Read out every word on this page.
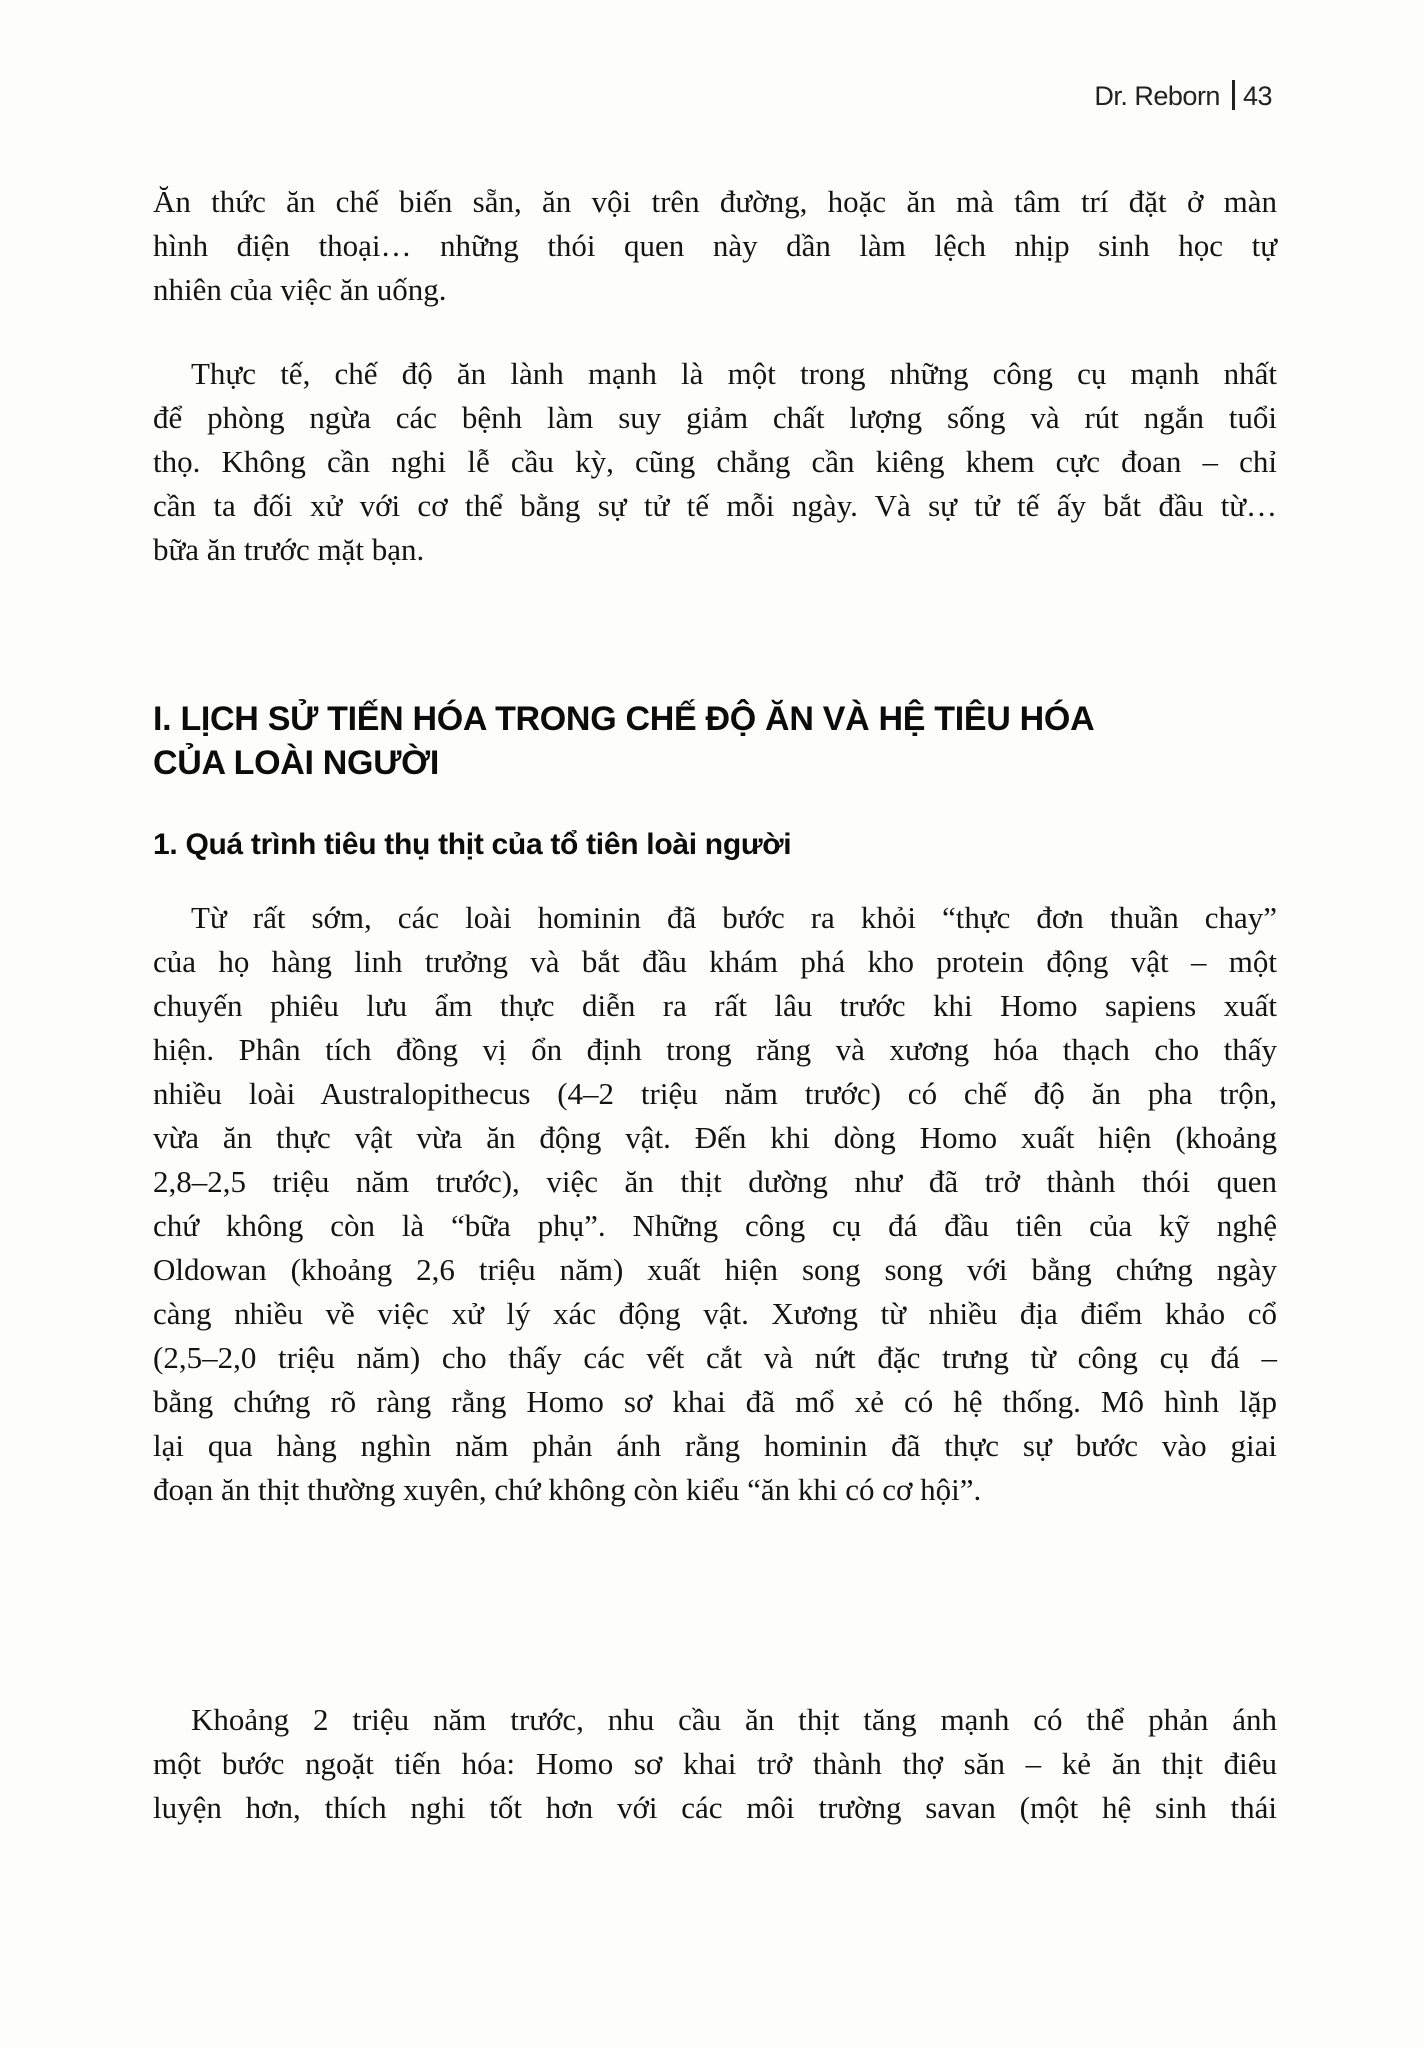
Dr. Reborn 43
Ăn thức ăn chế biến sẵn, ăn vội trên đường, hoặc ăn mà tâm trí đặt ở màn
hình điện thoại… những thói quen này dần làm lệch nhịp sinh học tự
nhiên của việc ăn uống.
Thực tế, chế độ ăn lành mạnh là một trong những công cụ mạnh nhất
để phòng ngừa các bệnh làm suy giảm chất lượng sống và rút ngắn tuổi
thọ. Không cần nghi lễ cầu kỳ, cũng chẳng cần kiêng khem cực đoan – chỉ
cần ta đối xử với cơ thể bằng sự tử tế mỗi ngày. Và sự tử tế ấy bắt đầu từ…
bữa ăn trước mặt bạn.
I. LỊCH SỬ TIẾN HÓA TRONG CHẾ ĐỘ ĂN VÀ HỆ TIÊU HÓA
CỦA LOÀI NGƯỜI
1. Quá trình tiêu thụ thịt của tổ tiên loài người
Từ rất sớm, các loài hominin đã bước ra khỏi “thực đơn thuần chay”
của họ hàng linh trưởng và bắt đầu khám phá kho protein động vật – một
chuyến phiêu lưu ẩm thực diễn ra rất lâu trước khi Homo sapiens xuất
hiện. Phân tích đồng vị ổn định trong răng và xương hóa thạch cho thấy
nhiều loài Australopithecus (4–2 triệu năm trước) có chế độ ăn pha trộn,
vừa ăn thực vật vừa ăn động vật. Đến khi dòng Homo xuất hiện (khoảng
2,8–2,5 triệu năm trước), việc ăn thịt dường như đã trở thành thói quen
chứ không còn là “bữa phụ”. Những công cụ đá đầu tiên của kỹ nghệ
Oldowan (khoảng 2,6 triệu năm) xuất hiện song song với bằng chứng ngày
càng nhiều về việc xử lý xác động vật. Xương từ nhiều địa điểm khảo cổ
(2,5–2,0 triệu năm) cho thấy các vết cắt và nứt đặc trưng từ công cụ đá –
bằng chứng rõ ràng rằng Homo sơ khai đã mổ xẻ có hệ thống. Mô hình lặp
lại qua hàng nghìn năm phản ánh rằng hominin đã thực sự bước vào giai
đoạn ăn thịt thường xuyên, chứ không còn kiểu “ăn khi có cơ hội”.
Khoảng 2 triệu năm trước, nhu cầu ăn thịt tăng mạnh có thể phản ánh
một bước ngoặt tiến hóa: Homo sơ khai trở thành thợ săn – kẻ ăn thịt điêu
luyện hơn, thích nghi tốt hơn với các môi trường savan (một hệ sinh thái
